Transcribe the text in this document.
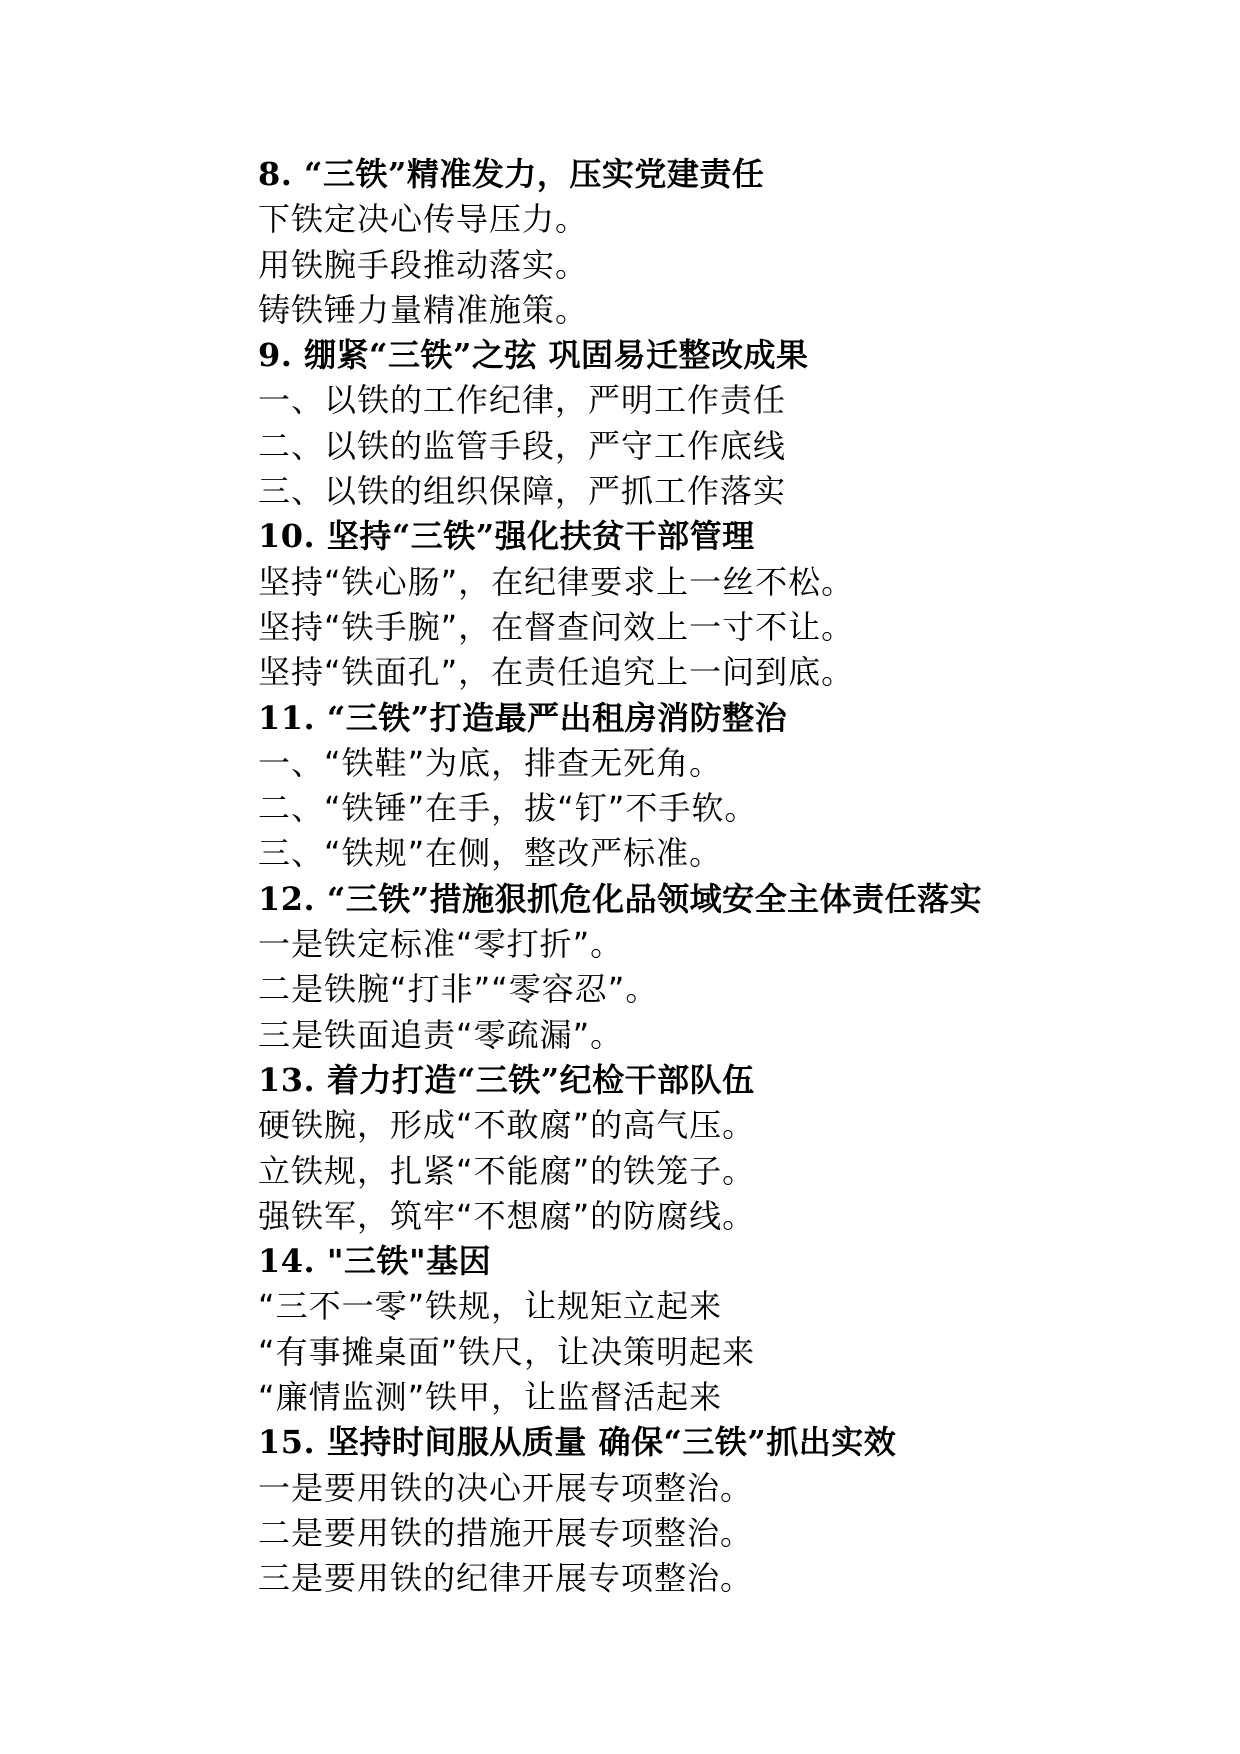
8. “三铁”精准发力，压实党建责任
下铁定决心传导压力。
用铁腕手段推动落实。
铸铁锤力量精准施策。
9. 绷紧“三铁”之弦 巩固易迁整改成果
一、以铁的工作纪律，严明工作责任
二、以铁的监管手段，严守工作底线
三、以铁的组织保障，严抓工作落实
10. 坚持“三铁”强化扶贫干部管理
坚持“铁心肠”，在纪律要求上一丝不松。
坚持“铁手腕”，在督查问效上一寸不让。
坚持“铁面孔”，在责任追究上一问到底。
11. “三铁”打造最严出租房消防整治
一、“铁鞋”为底，排查无死角。
二、“铁锤”在手，拔“钉”不手软。
三、“铁规”在侧，整改严标准。
12. “三铁”措施狠抓危化品领域安全主体责任落实
一是铁定标准“零打折”。
二是铁腕“打非”“零容忍”。
三是铁面追责“零疏漏”。
13. 着力打造“三铁”纪检干部队伍
硬铁腕，形成“不敢腐”的高气压。
立铁规，扎紧“不能腐”的铁笼子。
强铁军，筑牢“不想腐”的防腐线。
14. "三铁"基因
“三不一零”铁规，让规矩立起来
“有事摊桌面”铁尺，让决策明起来
“廉情监测”铁甲，让监督活起来
15. 坚持时间服从质量 确保“三铁”抓出实效
一是要用铁的决心开展专项整治。
二是要用铁的措施开展专项整治。
三是要用铁的纪律开展专项整治。
